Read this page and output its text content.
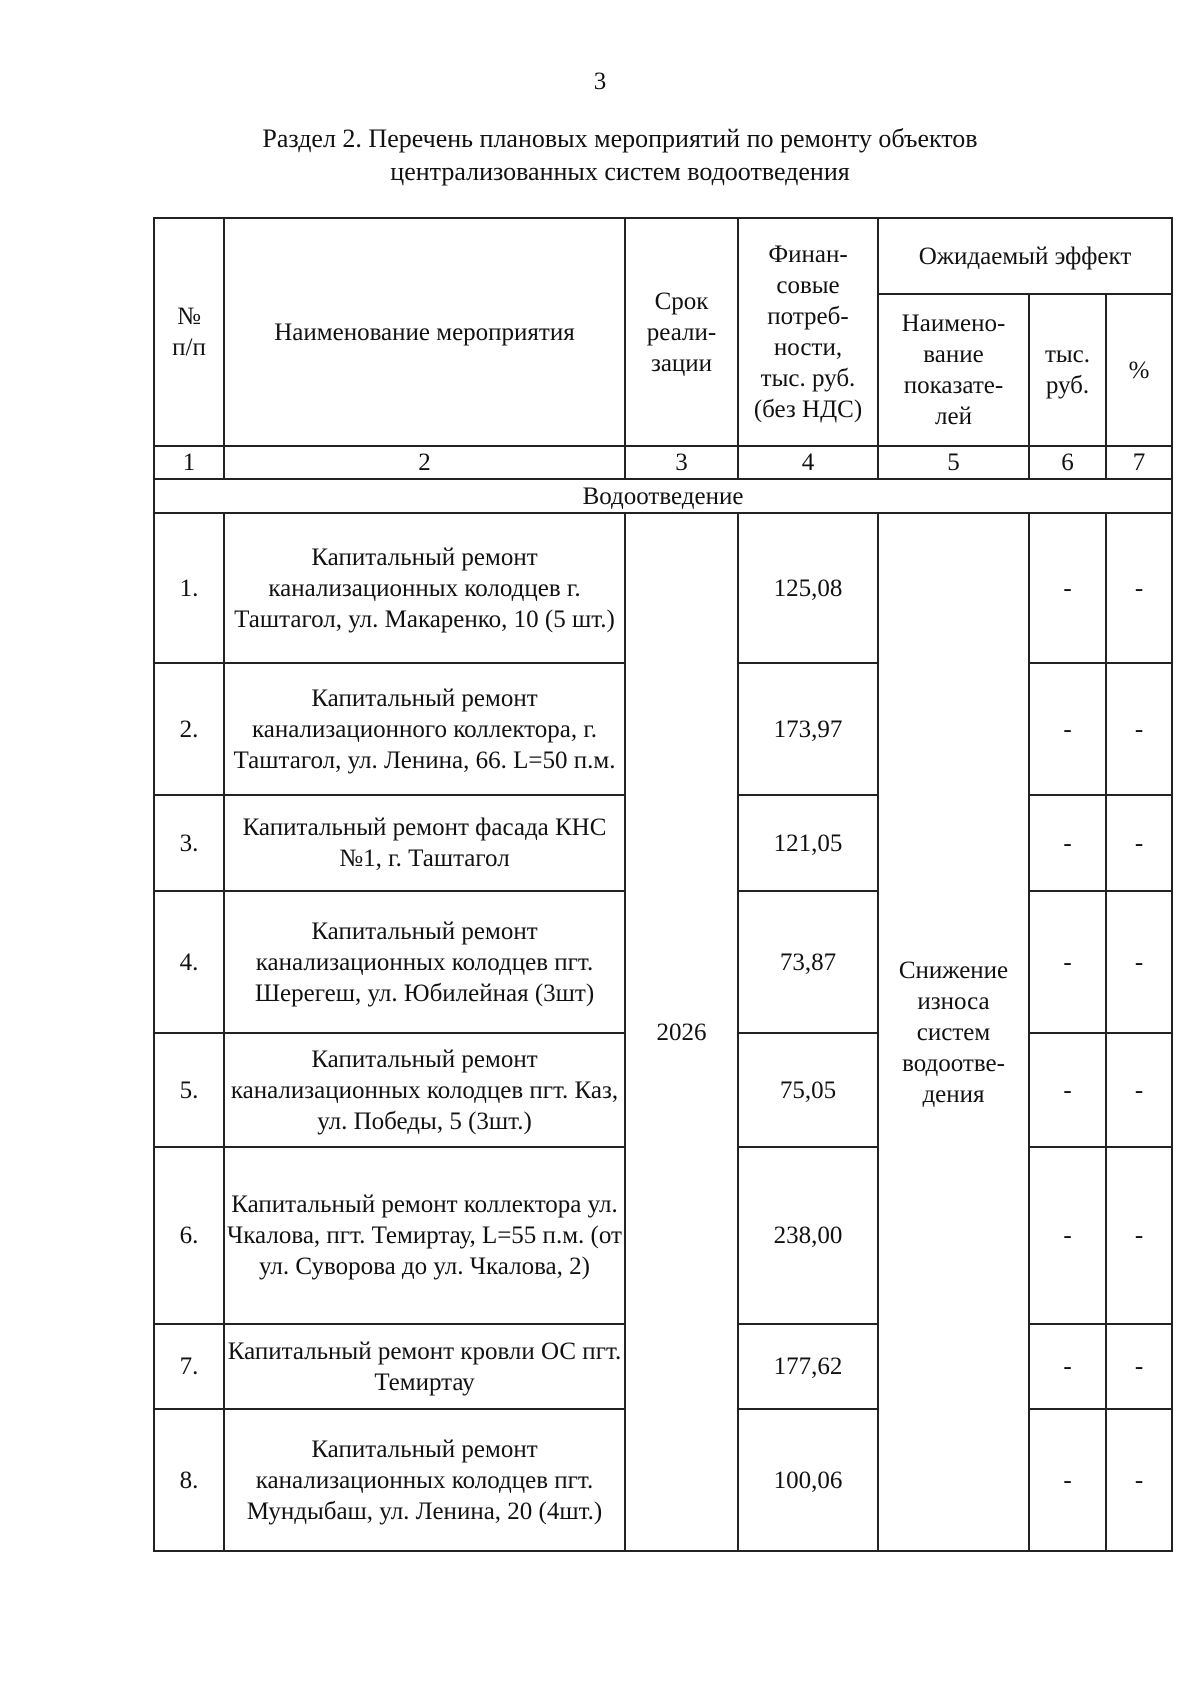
3
Раздел 2. Перечень плановых мероприятий по ремонту объектов
централизованных систем водоотведения
№ п/п	Наименование мероприятия	Срок реали- зации	Финан- совые потреб- ности, тыс. руб. (без НДС)	Ожидаемый эффект		
				Наимено- вание показате- лей	тыс. руб.	%
1	2	3	4	5	6	7
Водоотведение						
1.	Капитальный ремонт канализационных колодцев г. Таштагол, ул. Макаренко, 10 (5 шт.)	2026	125,08	Снижение износа систем водоотве- дения	-	-
2.	Капитальный ремонт канализационного коллектора, г. Таштагол, ул. Ленина, 66. L=50 п.м.		173,97		-	-
3.	Капитальный ремонт фасада КНС №1, г. Таштагол		121,05		-	-
4.	Капитальный ремонт канализационных колодцев пгт. Шерегеш, ул. Юбилейная (3шт)		73,87		-	-
5.	Капитальный ремонт канализационных колодцев пгт. Каз, ул. Победы, 5 (3шт.)		75,05		-	-
6.	Капитальный ремонт коллектора ул. Чкалова, пгт. Темиртау, L=55 п.м. (от ул. Суворова до ул. Чкалова, 2)		238,00		-	-
7.	Капитальный ремонт кровли ОС пгт. Темиртау		177,62		-	-
8.	Капитальный ремонт канализационных колодцев пгт. Мундыбаш, ул. Ленина, 20 (4шт.)		100,06		-	-
